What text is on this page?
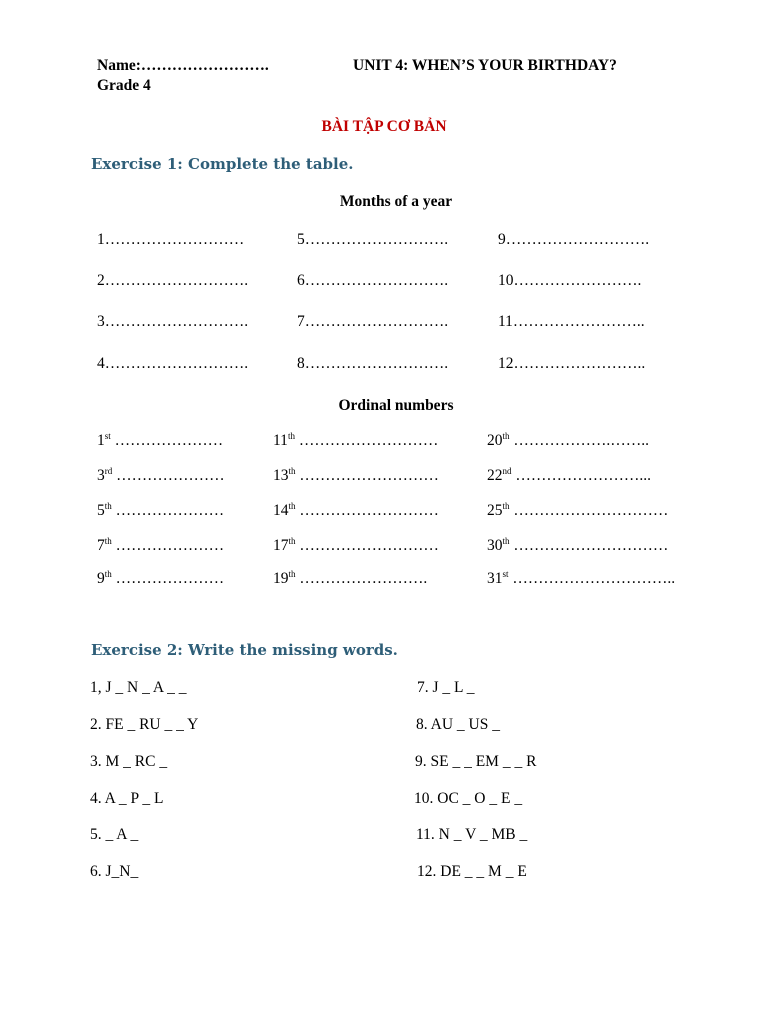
Name:…………………….	UNIT 4: WHEN’S YOUR BIRTHDAY?
Grade 4
BÀI TẬP CƠ BẢN
Exercise 1: Complete the table.
Months of a year
1………………………	5……………………….	9……………………….
2……………………….	6……………………….	10…………………….
3……………………….	7……………………….	11……………………..
4……………………….	8……………………….	12……………………..
Ordinal numbers
1st …………………	11th ………………………	20th ……………….……..
3rd …………………	13th ………………………	22nd ……………………...
5th …………………	14th ………………………	25th …………………………
7th …………………	17th ………………………	30th …………………………
9th …………………	19th …………………….	31st …………………………..
Exercise 2: Write the missing words.
1, J _ N _ A _ _
2. FE _ RU _ _ Y
3. M _ RC _
4. A _ P _ L
5. _ A _
6. J_N_
7. J _ L _
8. AU _ US _
9. SE _ _ EM _ _ R
10. OC _ O _ E _
11. N _ V _ MB _
12. DE _ _ M _ E
